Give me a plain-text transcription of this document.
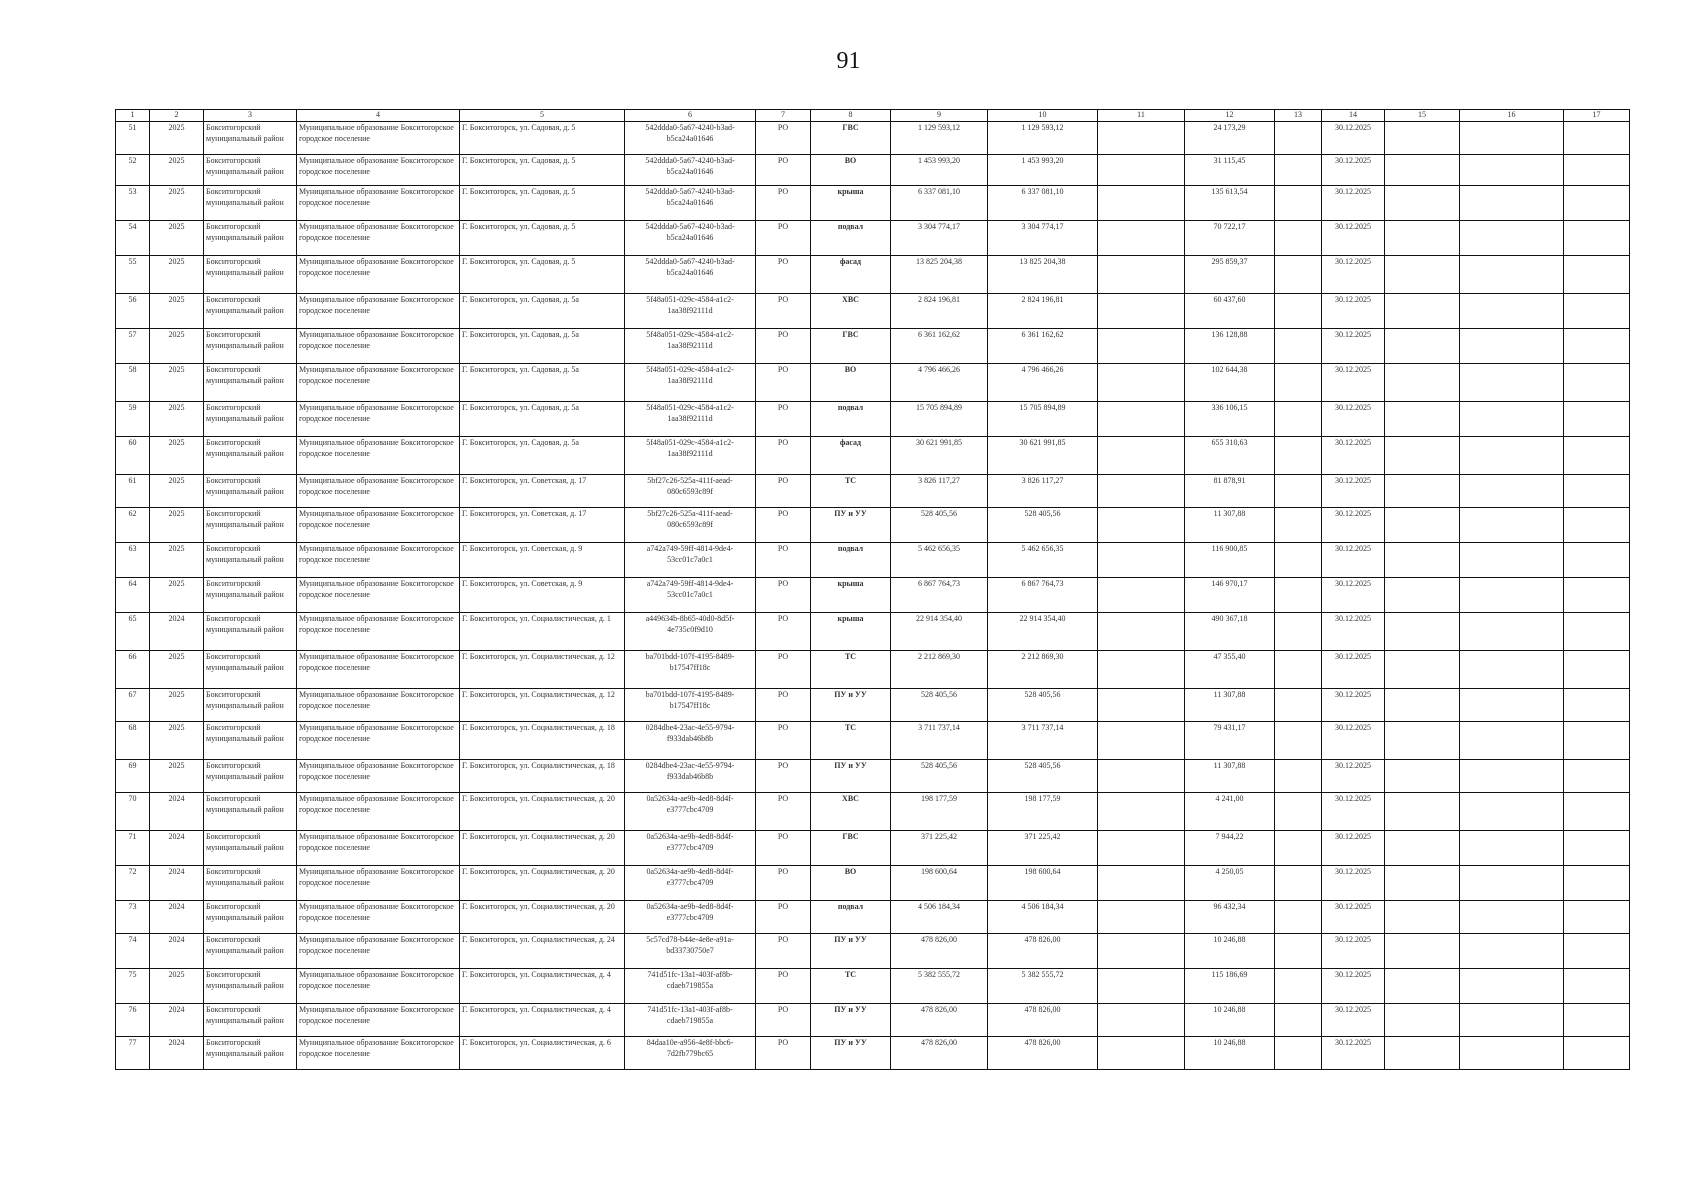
91
1	2	3	4	5	6	7	8	9	10	11	12	13	14	15	16	17
51	2025	Бокситогорский муниципальный район	Муниципальное образование Бокситогорское городское поселение	Г. Бокситогорск, ул. Садовая, д. 5	542ddda0-5a67-4240-b3ad-b5ca24a01646	РО	ГВС	1 129 593,12	1 129 593,12		24 173,29		30.12.2025			
52	2025	Бокситогорский муниципальный район	Муниципальное образование Бокситогорское городское поселение	Г. Бокситогорск, ул. Садовая, д. 5	542ddda0-5a67-4240-b3ad-b5ca24a01646	РО	ВО	1 453 993,20	1 453 993,20		31 115,45		30.12.2025			
53	2025	Бокситогорский муниципальный район	Муниципальное образование Бокситогорское городское поселение	Г. Бокситогорск, ул. Садовая, д. 5	542ddda0-5a67-4240-b3ad-b5ca24a01646	РО	крыша	6 337 081,10	6 337 081,10		135 613,54		30.12.2025			
54	2025	Бокситогорский муниципальный район	Муниципальное образование Бокситогорское городское поселение	Г. Бокситогорск, ул. Садовая, д. 5	542ddda0-5a67-4240-b3ad-b5ca24a01646	РО	подвал	3 304 774,17	3 304 774,17		70 722,17		30.12.2025			
55	2025	Бокситогорский муниципальный район	Муниципальное образование Бокситогорское городское поселение	Г. Бокситогорск, ул. Садовая, д. 5	542ddda0-5a67-4240-b3ad-b5ca24a01646	РО	фасад	13 825 204,38	13 825 204,38		295 859,37		30.12.2025			
56	2025	Бокситогорский муниципальный район	Муниципальное образование Бокситогорское городское поселение	Г. Бокситогорск, ул. Садовая, д. 5а	5f48a051-029c-4584-a1c2-1aa38f92111d	РО	ХВС	2 824 196,81	2 824 196,81		60 437,60		30.12.2025			
57	2025	Бокситогорский муниципальный район	Муниципальное образование Бокситогорское городское поселение	Г. Бокситогорск, ул. Садовая, д. 5а	5f48a051-029c-4584-a1c2-1aa38f92111d	РО	ГВС	6 361 162,62	6 361 162,62		136 128,88		30.12.2025			
58	2025	Бокситогорский муниципальный район	Муниципальное образование Бокситогорское городское поселение	Г. Бокситогорск, ул. Садовая, д. 5а	5f48a051-029c-4584-a1c2-1aa38f92111d	РО	ВО	4 796 466,26	4 796 466,26		102 644,38		30.12.2025			
59	2025	Бокситогорский муниципальный район	Муниципальное образование Бокситогорское городское поселение	Г. Бокситогорск, ул. Садовая, д. 5а	5f48a051-029c-4584-a1c2-1aa38f92111d	РО	подвал	15 705 894,89	15 705 894,89		336 106,15		30.12.2025			
60	2025	Бокситогорский муниципальный район	Муниципальное образование Бокситогорское городское поселение	Г. Бокситогорск, ул. Садовая, д. 5а	5f48a051-029c-4584-a1c2-1aa38f92111d	РО	фасад	30 621 991,85	30 621 991,85		655 310,63		30.12.2025			
61	2025	Бокситогорский муниципальный район	Муниципальное образование Бокситогорское городское поселение	Г. Бокситогорск, ул. Советская, д. 17	5bf27c26-525a-411f-aead-080c6593c89f	РО	ТС	3 826 117,27	3 826 117,27		81 878,91		30.12.2025			
62	2025	Бокситогорский муниципальный район	Муниципальное образование Бокситогорское городское поселение	Г. Бокситогорск, ул. Советская, д. 17	5bf27c26-525a-411f-aead-080c6593c89f	РО	ПУ и УУ	528 405,56	528 405,56		11 307,88		30.12.2025			
63	2025	Бокситогорский муниципальный район	Муниципальное образование Бокситогорское городское поселение	Г. Бокситогорск, ул. Советская, д. 9	a742a749-59ff-4814-9de4-53cc01c7a0c1	РО	подвал	5 462 656,35	5 462 656,35		116 900,85		30.12.2025			
64	2025	Бокситогорский муниципальный район	Муниципальное образование Бокситогорское городское поселение	Г. Бокситогорск, ул. Советская, д. 9	a742a749-59ff-4814-9de4-53cc01c7a0c1	РО	крыша	6 867 764,73	6 867 764,73		146 970,17		30.12.2025			
65	2024	Бокситогорский муниципальный район	Муниципальное образование Бокситогорское городское поселение	Г. Бокситогорск, ул. Социалистическая, д. 1	a449634b-8b65-40d0-8d5f-4e735c0f9d10	РО	крыша	22 914 354,40	22 914 354,40		490 367,18		30.12.2025			
66	2025	Бокситогорский муниципальный район	Муниципальное образование Бокситогорское городское поселение	Г. Бокситогорск, ул. Социалистическая, д. 12	ba701bdd-107f-4195-8489-b17547ff18c	РО	ТС	2 212 869,30	2 212 869,30		47 355,40		30.12.2025			
67	2025	Бокситогорский муниципальный район	Муниципальное образование Бокситогорское городское поселение	Г. Бокситогорск, ул. Социалистическая, д. 12	ba701bdd-107f-4195-8489-b17547ff18c	РО	ПУ и УУ	528 405,56	528 405,56		11 307,88		30.12.2025			
68	2025	Бокситогорский муниципальный район	Муниципальное образование Бокситогорское городское поселение	Г. Бокситогорск, ул. Социалистическая, д. 18	0284dbe4-23ac-4e55-9794-f933dab46b8b	РО	ТС	3 711 737,14	3 711 737,14		79 431,17		30.12.2025			
69	2025	Бокситогорский муниципальный район	Муниципальное образование Бокситогорское городское поселение	Г. Бокситогорск, ул. Социалистическая, д. 18	0284dbe4-23ac-4e55-9794-f933dab46b8b	РО	ПУ и УУ	528 405,56	528 405,56		11 307,88		30.12.2025			
70	2024	Бокситогорский муниципальный район	Муниципальное образование Бокситогорское городское поселение	Г. Бокситогорск, ул. Социалистическая, д. 20	0a52634a-ae9b-4ed8-8d4f-e3777cbc4709	РО	ХВС	198 177,59	198 177,59		4 241,00		30.12.2025			
71	2024	Бокситогорский муниципальный район	Муниципальное образование Бокситогорское городское поселение	Г. Бокситогорск, ул. Социалистическая, д. 20	0a52634a-ae9b-4ed8-8d4f-e3777cbc4709	РО	ГВС	371 225,42	371 225,42		7 944,22		30.12.2025			
72	2024	Бокситогорский муниципальный район	Муниципальное образование Бокситогорское городское поселение	Г. Бокситогорск, ул. Социалистическая, д. 20	0a52634a-ae9b-4ed8-8d4f-e3777cbc4709	РО	ВО	198 600,64	198 600,64		4 250,05		30.12.2025			
73	2024	Бокситогорский муниципальный район	Муниципальное образование Бокситогорское городское поселение	Г. Бокситогорск, ул. Социалистическая, д. 20	0a52634a-ae9b-4ed8-8d4f-e3777cbc4709	РО	подвал	4 506 184,34	4 506 184,34		96 432,34		30.12.2025			
74	2024	Бокситогорский муниципальный район	Муниципальное образование Бокситогорское городское поселение	Г. Бокситогорск, ул. Социалистическая, д. 24	5c57cd78-b44e-4e8e-a91a-bd33730750e7	РО	ПУ и УУ	478 826,00	478 826,00		10 246,88		30.12.2025			
75	2025	Бокситогорский муниципальный район	Муниципальное образование Бокситогорское городское поселение	Г. Бокситогорск, ул. Социалистическая, д. 4	741d51fc-13a1-403f-af8b-cdaeb719855a	РО	ТС	5 382 555,72	5 382 555,72		115 186,69		30.12.2025			
76	2024	Бокситогорский муниципальный район	Муниципальное образование Бокситогорское городское поселение	Г. Бокситогорск, ул. Социалистическая, д. 4	741d51fc-13a1-403f-af8b-cdaeb719855a	РО	ПУ и УУ	478 826,00	478 826,00		10 246,88		30.12.2025			
77	2024	Бокситогорский муниципальный район	Муниципальное образование Бокситогорское городское поселение	Г. Бокситогорск, ул. Социалистическая, д. 6	84daa10e-a956-4e8f-bbc6-7d2fb779bc65	РО	ПУ и УУ	478 826,00	478 826,00		10 246,88		30.12.2025			
